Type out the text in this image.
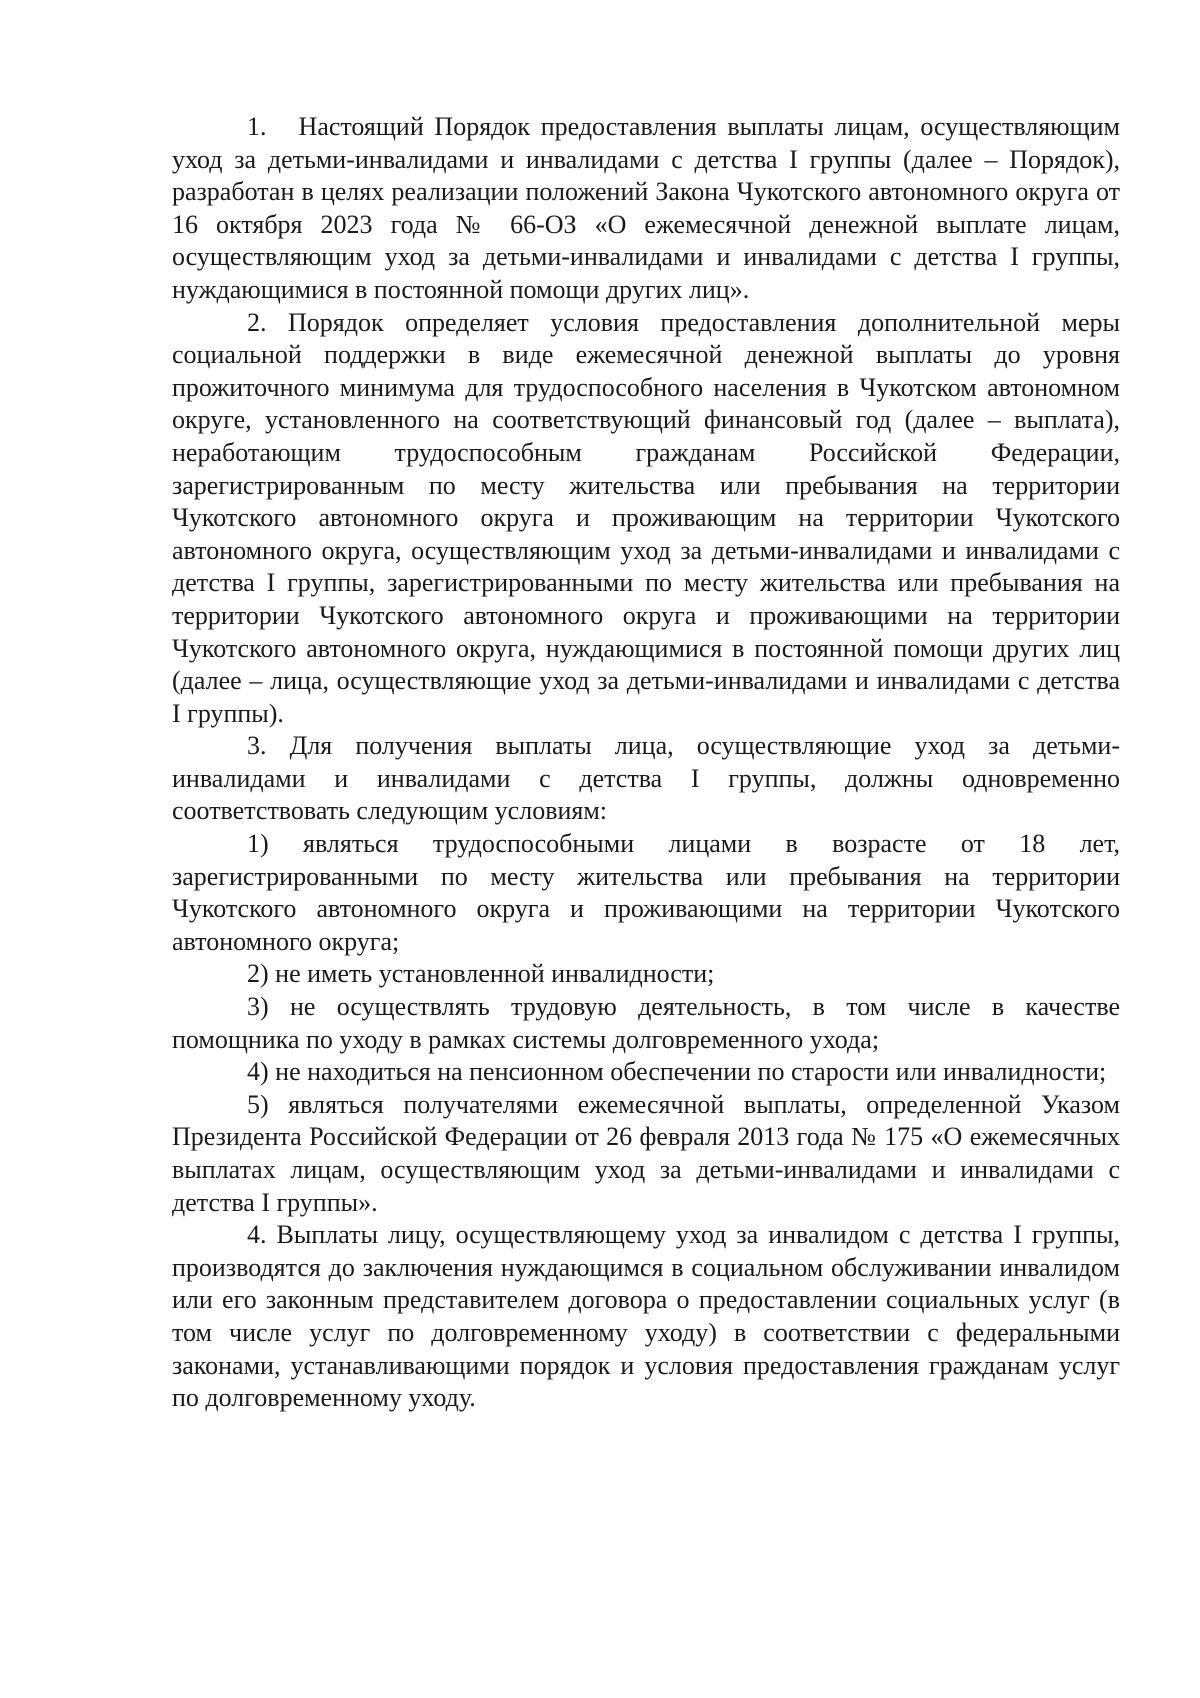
1.   Настоящий Порядок предоставления выплаты лицам, осуществляющим уход за детьми-инвалидами и инвалидами с детства I группы (далее – Порядок), разработан в целях реализации положений Закона Чукотского автономного округа от 16 октября 2023 года № 66-ОЗ «О ежемесячной денежной выплате лицам, осуществляющим уход за детьми-инвалидами и инвалидами с детства I группы, нуждающимися в постоянной помощи других лиц».

2. Порядок определяет условия предоставления дополнительной меры социальной поддержки в виде ежемесячной денежной выплаты до уровня прожиточного минимума для трудоспособного населения в Чукотском автономном округе, установленного на соответствующий финансовый год (далее – выплата), неработающим трудоспособным гражданам Российской Федерации, зарегистрированным по месту жительства или пребывания на территории Чукотского автономного округа и проживающим на территории Чукотского автономного округа, осуществляющим уход за детьми-инвалидами и инвалидами с детства I группы, зарегистрированными по месту жительства или пребывания на территории Чукотского автономного округа и проживающими на территории Чукотского автономного округа, нуждающимися в постоянной помощи других лиц (далее – лица, осуществляющие уход за детьми-инвалидами и инвалидами с детства I группы).

3. Для получения выплаты лица, осуществляющие уход за детьми-инвалидами и инвалидами с детства I группы, должны одновременно соответствовать следующим условиям:

1) являться трудоспособными лицами в возрасте от 18 лет, зарегистрированными по месту жительства или пребывания на территории Чукотского автономного округа и проживающими на территории Чукотского автономного округа;

2) не иметь установленной инвалидности;

3) не осуществлять трудовую деятельность, в том числе в качестве помощника по уходу в рамках системы долговременного ухода;

4) не находиться на пенсионном обеспечении по старости или инвалидности;

5) являться получателями ежемесячной выплаты, определенной Указом Президента Российской Федерации от 26 февраля 2013 года № 175 «О ежемесячных выплатах лицам, осуществляющим уход за детьми-инвалидами и инвалидами с детства I группы».

4. Выплаты лицу, осуществляющему уход за инвалидом с детства I группы, производятся до заключения нуждающимся в социальном обслуживании инвалидом или его законным представителем договора о предоставлении социальных услуг (в том числе услуг по долговременному уходу) в соответствии с федеральными законами, устанавливающими порядок и условия предоставления гражданам услуг по долговременному уходу.
